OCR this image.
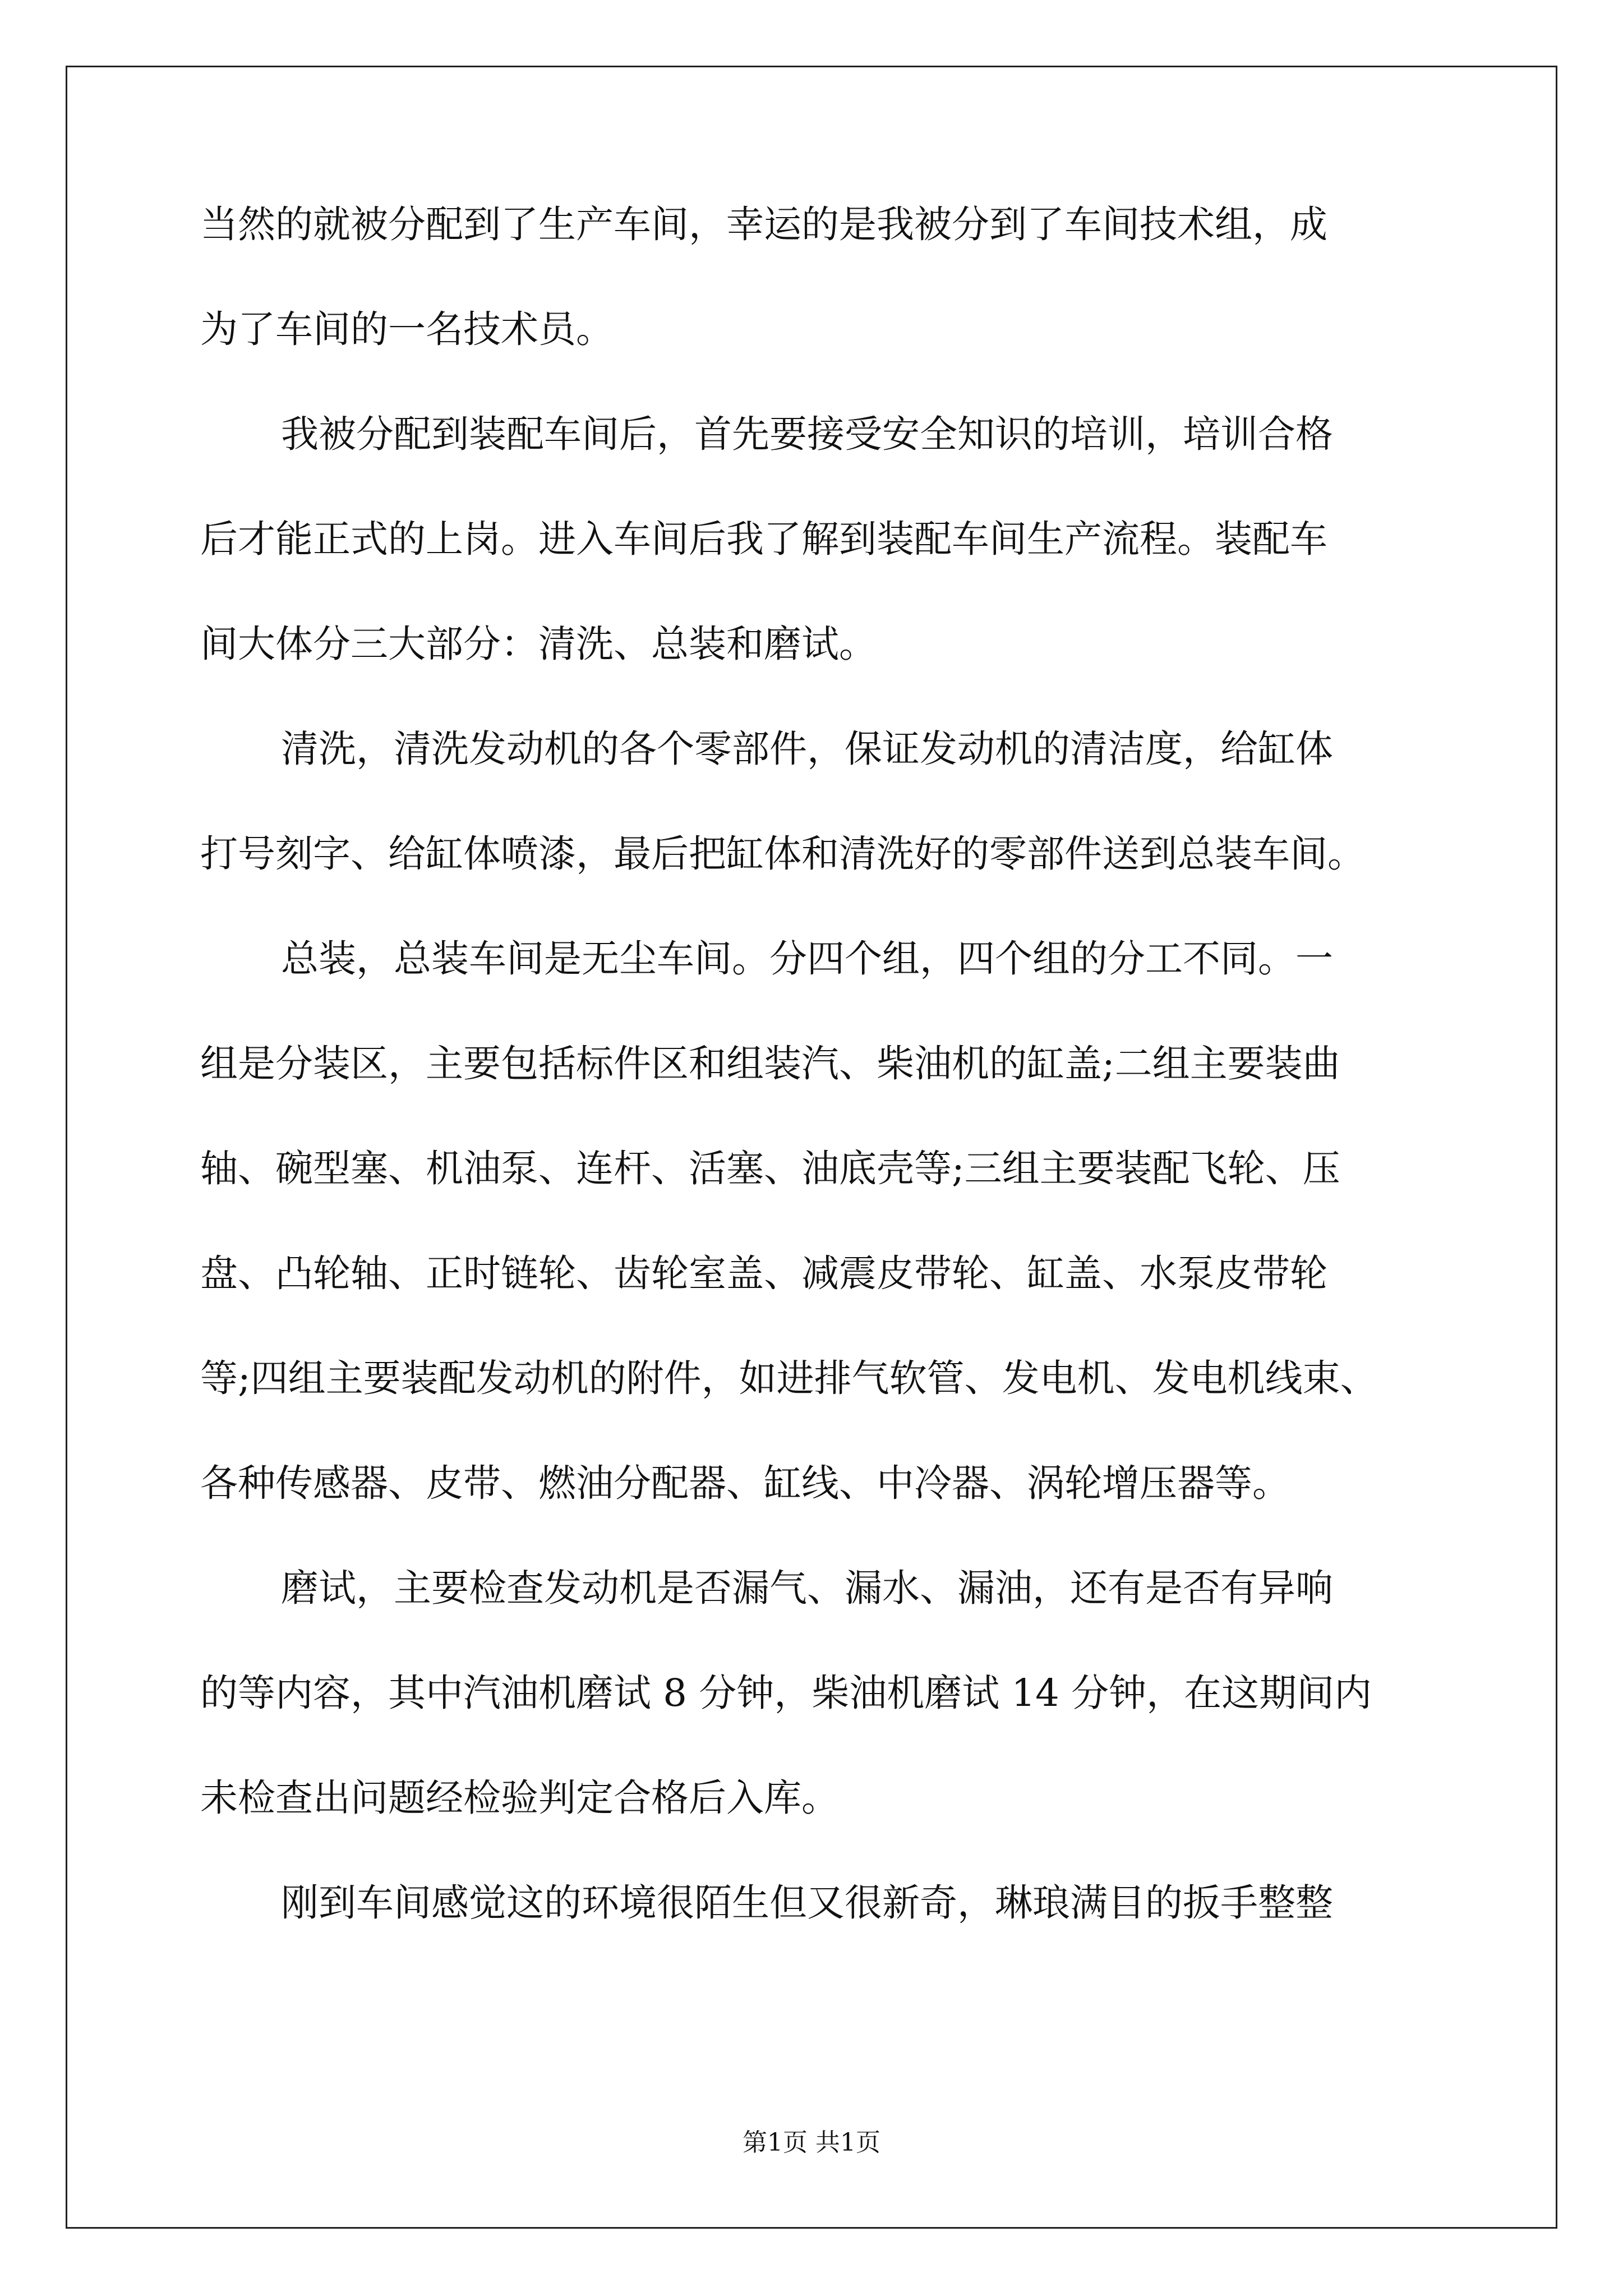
当然的就被分配到了生产车间，幸运的是我被分到了车间技术组，成
为了车间的一名技术员。
我被分配到装配车间后，首先要接受安全知识的培训，培训合格
后才能正式的上岗。进入车间后我了解到装配车间生产流程。装配车
间大体分三大部分：清洗、总装和磨试。
清洗，清洗发动机的各个零部件，保证发动机的清洁度，给缸体
打号刻字、给缸体喷漆，最后把缸体和清洗好的零部件送到总装车间。
总装，总装车间是无尘车间。分四个组，四个组的分工不同。一
组是分装区，主要包括标件区和组装汽、柴油机的缸盖;二组主要装曲
轴、碗型塞、机油泵、连杆、活塞、油底壳等;三组主要装配飞轮、压
盘、凸轮轴、正时链轮、齿轮室盖、减震皮带轮、缸盖、水泵皮带轮
等;四组主要装配发动机的附件，如进排气软管、发电机、发电机线束、
各种传感器、皮带、燃油分配器、缸线、中冷器、涡轮增压器等。
磨试，主要检查发动机是否漏气、漏水、漏油，还有是否有异响
的等内容，其中汽油机磨试 8 分钟，柴油机磨试 14 分钟，在这期间内
未检查出问题经检验判定合格后入库。
刚到车间感觉这的环境很陌生但又很新奇，琳琅满目的扳手整整
第1页 共1页
